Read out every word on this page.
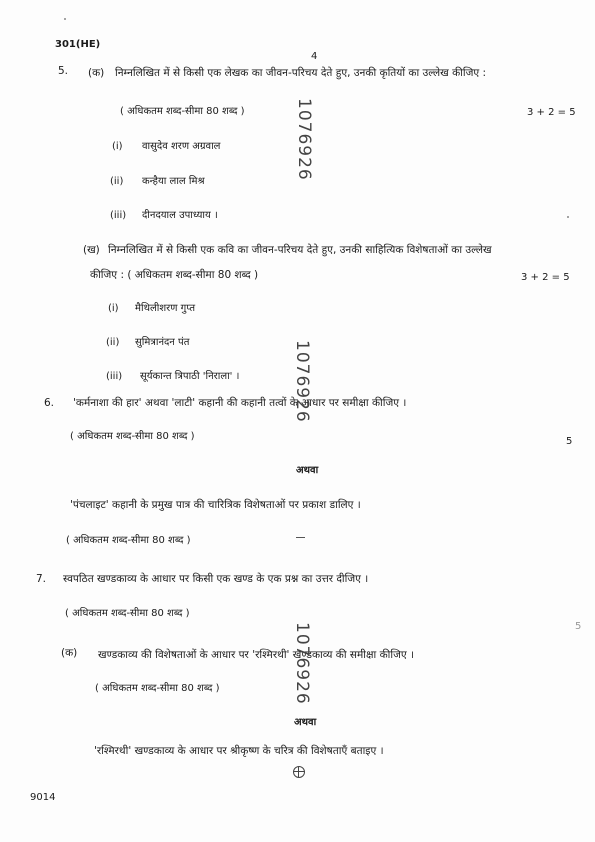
301(HE)
4
5. (क) निम्नलिखित में से किसी एक लेखक का जीवन-परिचय देते हुए, उनकी कृतियों का उल्लेख कीजिए :
( अधिकतम शब्द-सीमा 80 शब्द )	3 + 2 = 5
(i) वासुदेव शरण अग्रवाल
(ii) कन्हैया लाल मिश्र
(iii) दीनदयाल उपाध्याय ।
(ख) निम्नलिखित में से किसी एक कवि का जीवन-परिचय देते हुए, उनकी साहित्यिक विशेषताओं का उल्लेख
कीजिए : ( अधिकतम शब्द-सीमा 80 शब्द )	3 + 2 = 5
(i) मैथिलीशरण गुप्त
(ii) सुमित्रानंदन पंत
(iii) सूर्यकान्त त्रिपाठी 'निराला' ।
6. 'कर्मनाशा की हार' अथवा 'लाटी' कहानी की कहानी तत्वों के आधार पर समीक्षा कीजिए ।
( अधिकतम शब्द-सीमा 80 शब्द )	5
अथवा
'पंचलाइट' कहानी के प्रमुख पात्र की चारित्रिक विशेषताओं पर प्रकाश डालिए ।
( अधिकतम शब्द-सीमा 80 शब्द )
7. स्वपठित खण्डकाव्य के आधार पर किसी एक खण्ड के एक प्रश्न का उत्तर दीजिए ।
( अधिकतम शब्द-सीमा 80 शब्द )
5
(क) खण्डकाव्य की विशेषताओं के आधार पर 'रश्मिरथी' खण्डकाव्य की समीक्षा कीजिए ।
( अधिकतम शब्द-सीमा 80 शब्द )
अथवा
'रश्मिरथी' खण्डकाव्य के आधार पर श्रीकृष्ण के चरित्र की विशेषताएँ बताइए ।
1076926
1076926
1076926
9014
